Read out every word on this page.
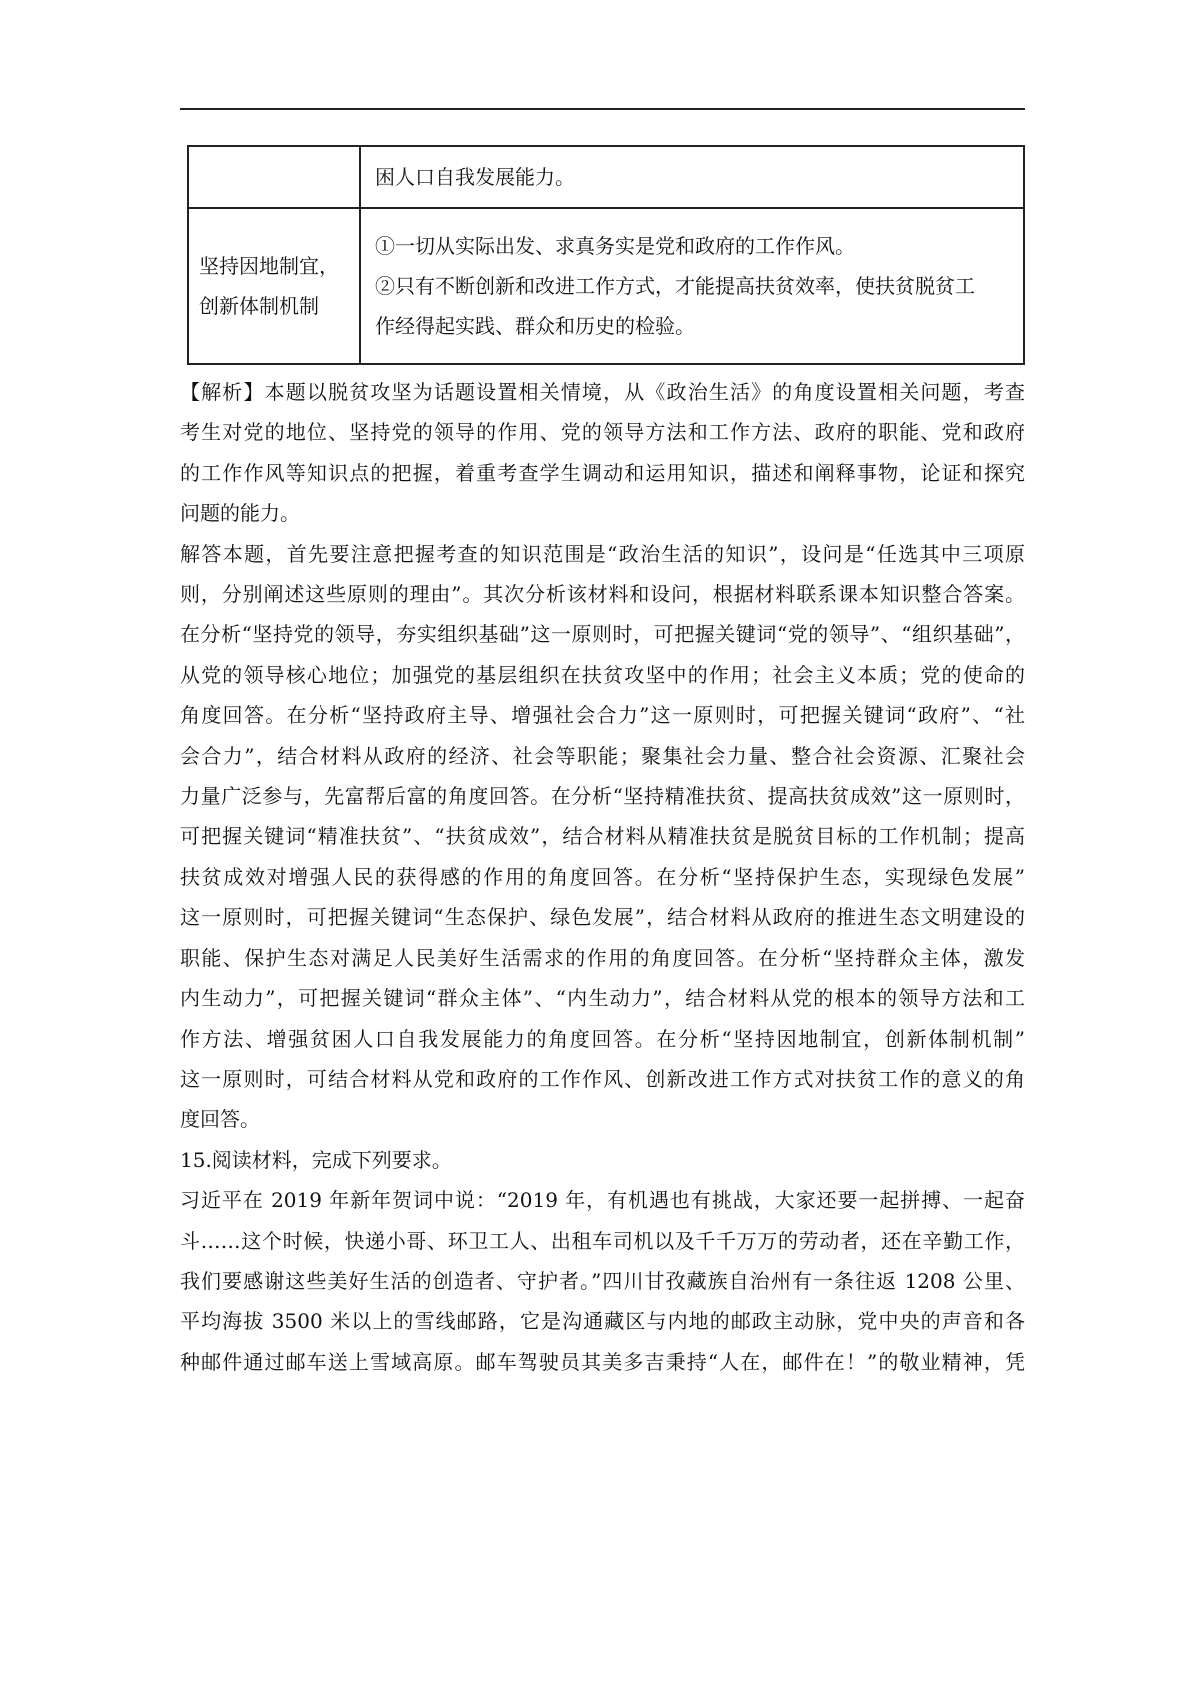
	困人口自我发展能力。

坚持因地制宜，
创新体制机制	①一切从实际出发、求真务实是党和政府的工作作风。
②只有不断创新和改进工作方式，才能提高扶贫效率，使扶贫脱贫工
作经得起实践、群众和历史的检验。
【解析】本题以脱贫攻坚为话题设置相关情境，从《政治生活》的角度设置相关问题，考查
考生对党的地位、坚持党的领导的作用、党的领导方法和工作方法、政府的职能、党和政府
的工作作风等知识点的把握，着重考查学生调动和运用知识，描述和阐释事物，论证和探究
问题的能力。
解答本题，首先要注意把握考查的知识范围是“政治生活的知识”，设问是“任选其中三项原
则，分别阐述这些原则的理由”。其次分析该材料和设问，根据材料联系课本知识整合答案。
在分析“坚持党的领导，夯实组织基础”这一原则时，可把握关键词“党的领导”、“组织基础”，
从党的领导核心地位；加强党的基层组织在扶贫攻坚中的作用；社会主义本质；党的使命的
角度回答。在分析“坚持政府主导、增强社会合力”这一原则时，可把握关键词“政府”、“社
会合力”，结合材料从政府的经济、社会等职能；聚集社会力量、整合社会资源、汇聚社会
力量广泛参与，先富帮后富的角度回答。在分析“坚持精准扶贫、提高扶贫成效”这一原则时，
可把握关键词“精准扶贫”、“扶贫成效”，结合材料从精准扶贫是脱贫目标的工作机制；提高
扶贫成效对增强人民的获得感的作用的角度回答。在分析“坚持保护生态，实现绿色发展”
这一原则时，可把握关键词“生态保护、绿色发展”，结合材料从政府的推进生态文明建设的
职能、保护生态对满足人民美好生活需求的作用的角度回答。在分析“坚持群众主体，激发
内生动力”，可把握关键词“群众主体”、“内生动力”，结合材料从党的根本的领导方法和工
作方法、增强贫困人口自我发展能力的角度回答。在分析“坚持因地制宜，创新体制机制”
这一原则时，可结合材料从党和政府的工作作风、创新改进工作方式对扶贫工作的意义的角
度回答。
15.阅读材料，完成下列要求。
习近平在 2019 年新年贺词中说：“2019 年，有机遇也有挑战，大家还要一起拼搏、一起奋
斗……这个时候，快递小哥、环卫工人、出租车司机以及千千万万的劳动者，还在辛勤工作，
我们要感谢这些美好生活的创造者、守护者。”四川甘孜藏族自治州有一条往返 1208 公里、
平均海拔 3500 米以上的雪线邮路，它是沟通藏区与内地的邮政主动脉，党中央的声音和各
种邮件通过邮车送上雪域高原。邮车驾驶员其美多吉秉持“人在，邮件在！”的敬业精神，凭
